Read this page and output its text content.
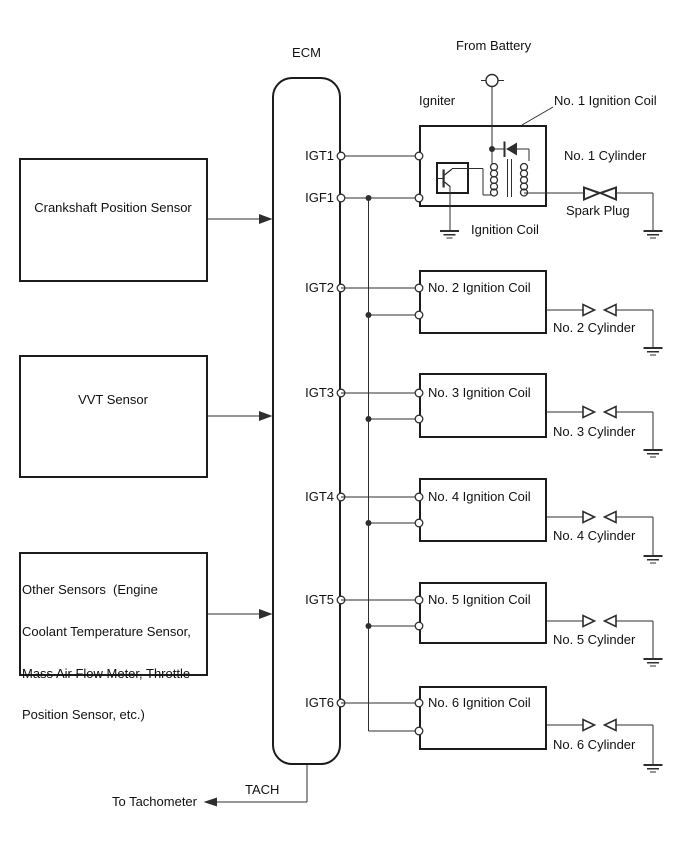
ECM	From Battery
Igniter	No. 1 Ignition Coil
Ignition Coil
Spark Plug
IGT1
IGF1
IGT2
IGT3
IGT4
IGT5
IGT6
No. 2 Ignition Coil
No. 3 Ignition Coil
No. 4 Ignition Coil
No. 5 Ignition Coil
No. 6 Ignition Coil
No. 1 Cylinder
No. 2 Cylinder
No. 3 Cylinder
No. 4 Cylinder
No. 5 Cylinder
No. 6 Cylinder
Crankshaft Position Sensor
VVT Sensor

Other Sensors  (Engine

Coolant Temperature Sensor,

Mass Air Flow Meter, Throttle

Position Sensor, etc.)

TACH
To Tachometer
